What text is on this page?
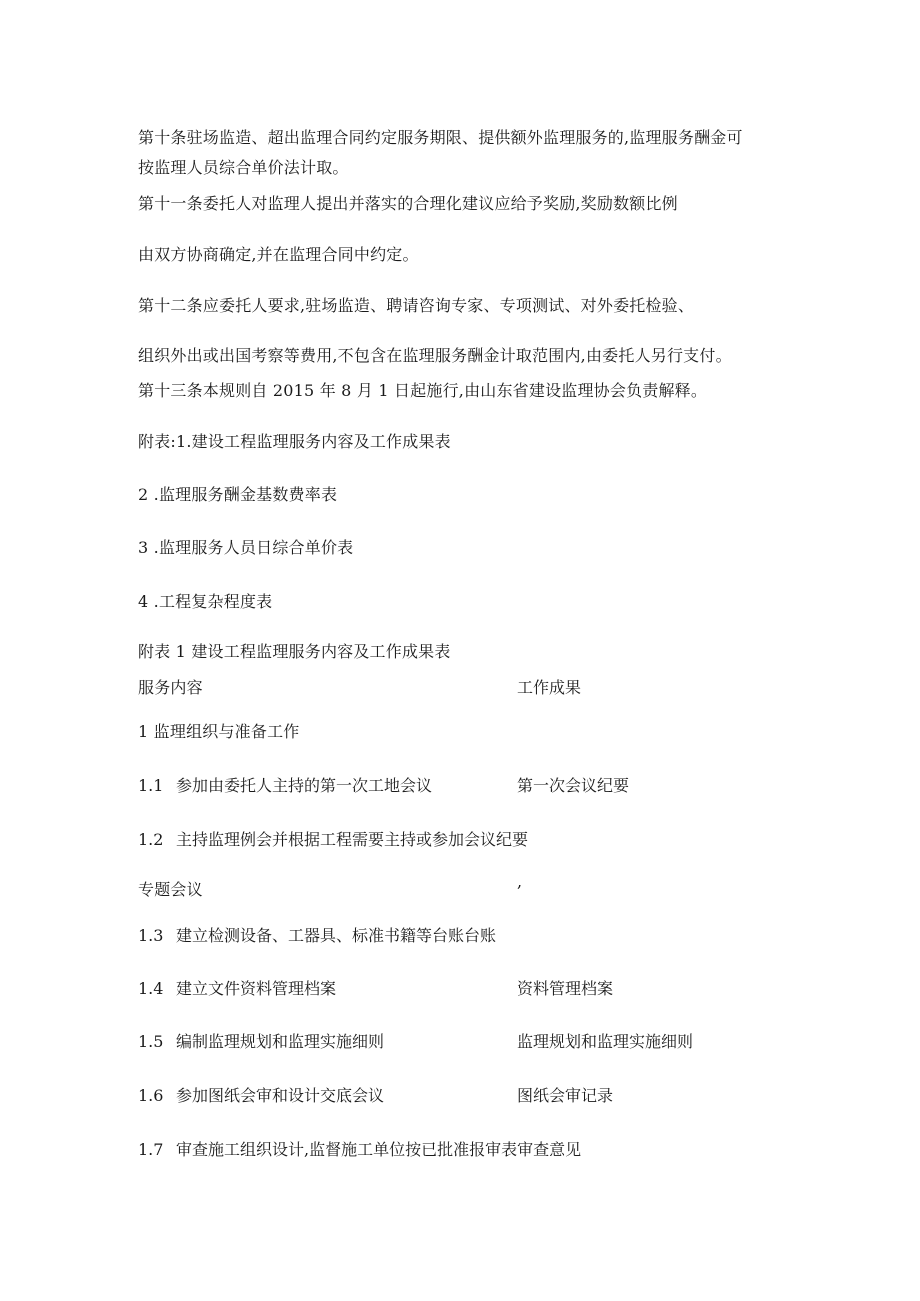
第十条驻场监造、超出监理合同约定服务期限、提供额外监理服务的,监理服务酬金可
按监理人员综合单价法计取。
第十一条委托人对监理人提出并落实的合理化建议应给予奖励,奖励数额比例
由双方协商确定,并在监理合同中约定。
第十二条应委托人要求,驻场监造、聘请咨询专家、专项测试、对外委托检验、
组织外出或出国考察等费用,不包含在监理服务酬金计取范围内,由委托人另行支付。
第十三条本规则自 2015 年 8 月 1 日起施行,由山东省建设监理协会负责解释。
附表:1.建设工程监理服务内容及工作成果表
2 .监理服务酬金基数费率表
3 .监理服务人员日综合单价表
4 .工程复杂程度表
附表 1 建设工程监理服务内容及工作成果表
服务内容	工作成果
1 监理组织与准备工作
1.1 参加由委托人主持的第一次工地会议	第一次会议纪要
1.2 主持监理例会并根据工程需要主持或参加会议纪要
专题会议	,
1.3 建立检测设备、工器具、标准书籍等台账台账
1.4 建立文件资料管理档案	资料管理档案
1.5 编制监理规划和监理实施细则	监理规划和监理实施细则
1.6 参加图纸会审和设计交底会议	图纸会审记录
1.7 审查施工组织设计,监督施工单位按已批准报审表审查意见
